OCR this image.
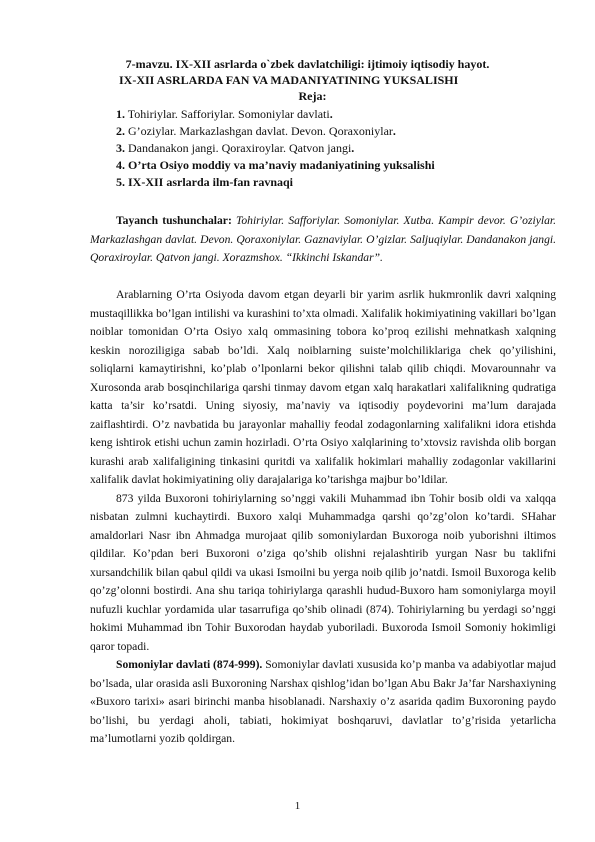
7-mavzu. IX-XII asrlarda o`zbek davlatchiligi: ijtimoiy iqtisodiy hayot.
IX-XII ASRLARDA FAN VA MADANIYATINING YUKSALISHI
Reja:
1. Tohiriylar. Safforiylar. Somoniylar davlati.
2. G’oziylar. Markazlashgan davlat. Devon. Qoraxoniylar.
3. Dandanakon jangi. Qoraxiroylar. Qatvon jangi.
4. O’rta Osiyo moddiy va ma’naviy madaniyatining yuksalishi
5. IX-XII asrlarda ilm-fan ravnaqi

Tayanch tushunchalar: Tohiriylar. Safforiylar. Somoniylar. Xutba. Kampir devor. G’oziylar. Markazlashgan davlat. Devon. Qoraxoniylar. Gaznaviylar. O’gizlar. Saljuqiylar. Dandanakon jangi. Qoraxiroylar. Qatvon jangi. Xorazmshox. “Ikkinchi Iskandar”.

Arablarning O’rta Osiyoda davom etgan deyarli bir yarim asrlik hukmronlik davri xalqning mustaqillikka bo’lgan intilishi va kurashini to’xta olmadi. Xalifalik hokimiyatining vakillari bo’lgan noiblar tomonidan O’rta Osiyo xalq ommasining tobora ko’proq ezilishi mehnatkash xalqning keskin noroziligiga sabab bo’ldi. Xalq noiblarning suiste’molchiliklariga chek qo’yilishini, soliqlarni kamaytirishni, ko’plab o’lponlarni bekor qilishni talab qilib chiqdi. Movarounnahr va Xurosonda arab bosqinchilariga qarshi tinmay davom etgan xalq harakatlari xalifalikning qudratiga katta ta’sir ko’rsatdi. Uning siyosiy, ma’naviy va iqtisodiy poydevorini ma’lum darajada zaiflashtirdi. O’z navbatida bu jarayonlar mahalliy feodal zodagonlarning xalifalikni idora etishda keng ishtirok etishi uchun zamin hozirladi. O’rta Osiyo xalqlarining to’xtovsiz ravishda olib borgan kurashi arab xalifaligining tinkasini quritdi va xalifalik hokimlari mahalliy zodagonlar vakillarini xalifalik davlat hokimiyatining oliy darajalariga ko’tarishga majbur bo’ldilar.

873 yilda Buxoroni tohiriylarning so’nggi vakili Muhammad ibn Tohir bosib oldi va xalqqa nisbatan zulmni kuchaytirdi. Buxoro xalqi Muhammadga qarshi qo’zg’olon ko’tardi. SHahar amaldorlari Nasr ibn Ahmadga murojaat qilib somoniylardan Buxoroga noib yuborishni iltimos qildilar. Ko’pdan beri Buxoroni o’ziga qo’shib olishni rejalashtirib yurgan Nasr bu taklifni xursandchilik bilan qabul qildi va ukasi Ismoilni bu yerga noib qilib jo’natdi. Ismoil Buxoroga kelib qo’zg’olonni bostirdi. Ana shu tariqa tohiriylarga qarashli hudud-Buxoro ham somoniylarga moyil nufuzli kuchlar yordamida ular tasarrufiga qo’shib olinadi (874). Tohiriylarning bu yerdagi so’nggi hokimi Muhammad ibn Tohir Buxorodan haydab yuboriladi. Buxoroda Ismoil Somoniy hokimligi qaror topadi.

Somoniylar davlati (874-999). Somoniylar davlati xususida ko’p manba va adabiyotlar majud bo’lsada, ular orasida asli Buxoroning Narshax qishlog’idan bo’lgan Abu Bakr Ja’far Narshaxiyning «Buxoro tarixi» asari birinchi manba hisoblanadi. Narshaxiy o’z asarida qadim Buxoroning paydo bo’lishi, bu yerdagi aholi, tabiati, hokimiyat boshqaruvi, davlatlar to’g’risida yetarlicha ma’lumotlarni yozib qoldirgan.

1
